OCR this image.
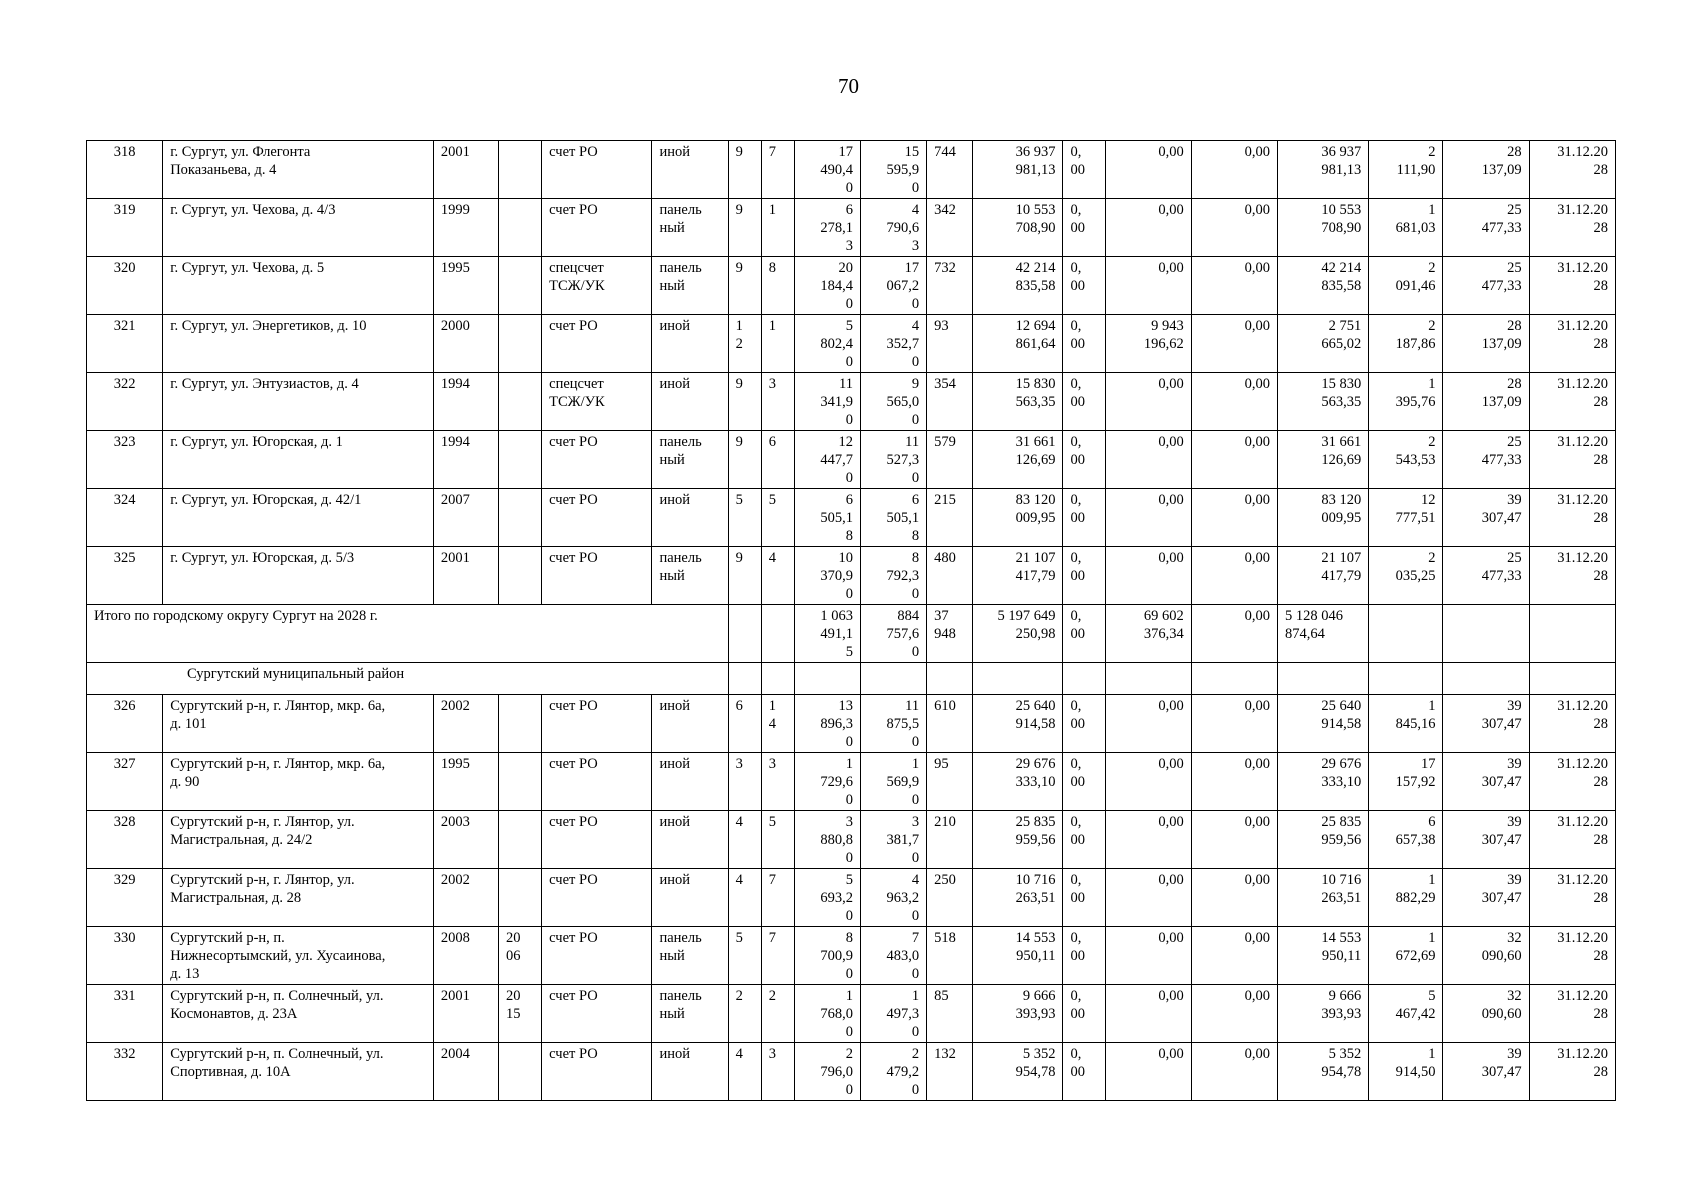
70
318	г. Сургут, ул. Флегонта
Показаньева, д. 4	2001		счет РО	иной	9	7	17
490,4
0	15
595,9
0	744	36 937
981,13	0,
00	0,00	0,00	36 937
981,13	2
111,90	28
137,09	31.12.20
28
319	г. Сургут, ул. Чехова, д. 4/3	1999		счет РО	панель
ный	9	1	6
278,1
3	4
790,6
3	342	10 553
708,90	0,
00	0,00	0,00	10 553
708,90	1
681,03	25
477,33	31.12.20
28
320	г. Сургут, ул. Чехова, д. 5	1995		спецсчет
ТСЖ/УК	панель
ный	9	8	20
184,4
0	17
067,2
0	732	42 214
835,58	0,
00	0,00	0,00	42 214
835,58	2
091,46	25
477,33	31.12.20
28
321	г. Сургут, ул. Энергетиков, д. 10	2000		счет РО	иной	1
2	1	5
802,4
0	4
352,7
0	93	12 694
861,64	0,
00	9 943
196,62	0,00	2 751
665,02	2
187,86	28
137,09	31.12.20
28
322	г. Сургут, ул. Энтузиастов, д. 4	1994		спецсчет
ТСЖ/УК	иной	9	3	11
341,9
0	9
565,0
0	354	15 830
563,35	0,
00	0,00	0,00	15 830
563,35	1
395,76	28
137,09	31.12.20
28
323	г. Сургут, ул. Югорская, д. 1	1994		счет РО	панель
ный	9	6	12
447,7
0	11
527,3
0	579	31 661
126,69	0,
00	0,00	0,00	31 661
126,69	2
543,53	25
477,33	31.12.20
28
324	г. Сургут, ул. Югорская, д. 42/1	2007		счет РО	иной	5	5	6
505,1
8	6
505,1
8	215	83 120
009,95	0,
00	0,00	0,00	83 120
009,95	12
777,51	39
307,47	31.12.20
28
325	г. Сургут, ул. Югорская, д. 5/3	2001		счет РО	панель
ный	9	4	10
370,9
0	8
792,3
0	480	21 107
417,79	0,
00	0,00	0,00	21 107
417,79	2
035,25	25
477,33	31.12.20
28
Итого по городскому округу Сургут на 2028 г.								1 063
491,1
5	884
757,6
0	37
948	5 197 649
250,98	0,
00	69 602
376,34	0,00	5 128 046
874,64			
Сургутский муниципальный район																		
326	Сургутский р-н, г. Лянтор, мкр. 6а,
д. 101	2002		счет РО	иной	6	1
4	13
896,3
0	11
875,5
0	610	25 640
914,58	0,
00	0,00	0,00	25 640
914,58	1
845,16	39
307,47	31.12.20
28
327	Сургутский р-н, г. Лянтор, мкр. 6а,
д. 90	1995		счет РО	иной	3	3	1
729,6
0	1
569,9
0	95	29 676
333,10	0,
00	0,00	0,00	29 676
333,10	17
157,92	39
307,47	31.12.20
28
328	Сургутский р-н, г. Лянтор, ул.
Магистральная, д. 24/2	2003		счет РО	иной	4	5	3
880,8
0	3
381,7
0	210	25 835
959,56	0,
00	0,00	0,00	25 835
959,56	6
657,38	39
307,47	31.12.20
28
329	Сургутский р-н, г. Лянтор, ул.
Магистральная, д. 28	2002		счет РО	иной	4	7	5
693,2
0	4
963,2
0	250	10 716
263,51	0,
00	0,00	0,00	10 716
263,51	1
882,29	39
307,47	31.12.20
28
330	Сургутский р-н, п.
Нижнесортымский, ул. Хусаинова,
д. 13	2008	20
06	счет РО	панель
ный	5	7	8
700,9
0	7
483,0
0	518	14 553
950,11	0,
00	0,00	0,00	14 553
950,11	1
672,69	32
090,60	31.12.20
28
331	Сургутский р-н, п. Солнечный, ул.
Космонавтов, д. 23А	2001	20
15	счет РО	панель
ный	2	2	1
768,0
0	1
497,3
0	85	9 666
393,93	0,
00	0,00	0,00	9 666
393,93	5
467,42	32
090,60	31.12.20
28
332	Сургутский р-н, п. Солнечный, ул.
Спортивная, д. 10А	2004		счет РО	иной	4	3	2
796,0
0	2
479,2
0	132	5 352
954,78	0,
00	0,00	0,00	5 352
954,78	1
914,50	39
307,47	31.12.20
28
